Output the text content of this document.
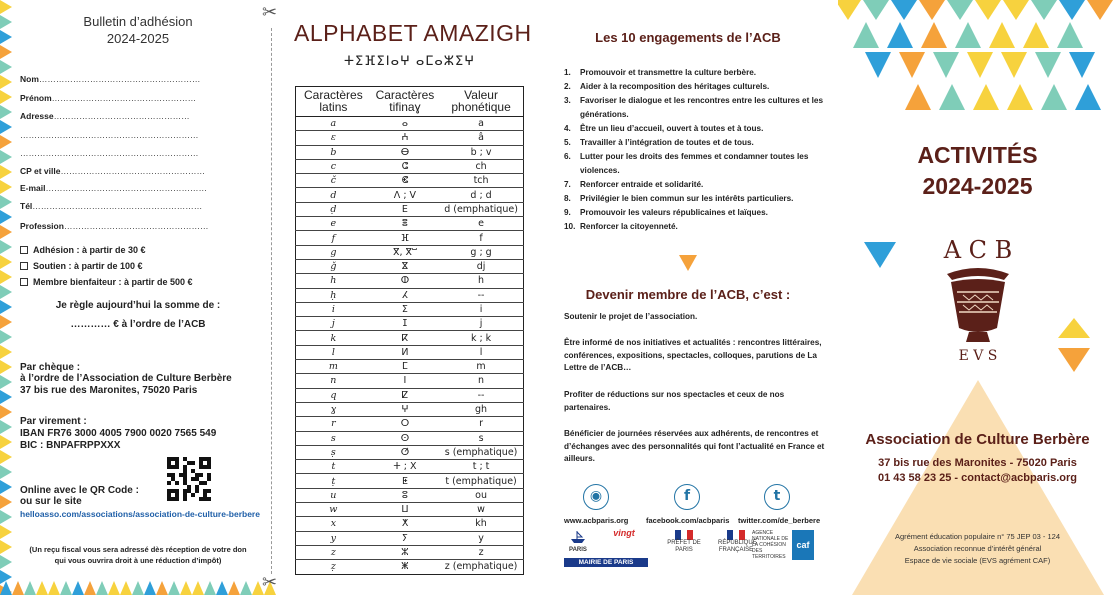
Bulletin d’adhésion
2024-2025
Nom…………………………………………………
Prénom……………………………………………
Adresse…………………………………………
………………………………………………………
………………………………………………………
CP et ville……………………………………………
E-mail…………………………………………………
Tél……………………………………………………
Profession……………………………………………
Adhésion : à partir de 30 €
Soutien : à partir de 100 €
Membre bienfaiteur : à partir de 500 €
Je règle aujourd’hui la somme de :
………… € à l’ordre de l’ACB
Par chèque :
à l’ordre de l’Association de Culture Berbère
37 bis rue des Maronites, 75020 Paris
Par virement :
IBAN FR76 3000 4005 7900 0020 7565 549
BIC : BNPAFRPPXXX
Online avec le QR Code :
ou sur le site
helloasso.com/associations/association-de-culture-berbere
(Un reçu fiscal vous sera adressé dès réception de votre don
qui vous ouvrira droit à une réduction d’impôt)
✂
✂
ALPHABET AMAZIGH
ⵜⵉⴼⵉⵏⴰⵖ ⴰⵎⴰⵣⵉⵖ
Caractères latins	Caractères tifinaɣ	Valeur phonétique
a	ⴰ	a
ɛ	ⵄ	â
b	ⴱ	b ; v
c	ⵛ	ch
č	ⵞ	tch
d	ⴷ ; ⴸ	d ; d
ḍ	ⴹ	d (emphatique)
e	ⴻ	e
f	ⴼ	f
g	ⴳ, ⴳⵯ	g ; g
ǧ	ⴵ	dj
h	ⵀ	h
ḥ	ⵃ	--
i	ⵉ	i
j	ⵊ	j
k	ⴽ	k ; k
l	ⵍ	l
m	ⵎ	m
n	ⵏ	n
q	ⵇ	--
ɣ	ⵖ	gh
r	ⵔ	r
s	ⵙ	s
ṣ	ⵚ	s (emphatique)
t	ⵜ ; ⵝ	t ; t
ṭ	ⵟ	t (emphatique)
u	ⵓ	ou
w	ⵡ	w
x	ⵅ	kh
y	ⵢ	y
z	ⵣ	z
ẓ	ⵥ	z (emphatique)
Les 10 engagements de l’ACB
1.	Promouvoir et transmettre la culture berbère.
2.	Aider à la recomposition des héritages culturels.
3.	Favoriser le dialogue et les rencontres entre les cultures et les générations.
4.	Être un lieu d’accueil, ouvert à toutes et à tous.
5.	Travailler à l’intégration de toutes et de tous.
6.	Lutter pour les droits des femmes et condamner toutes les violences.
7.	Renforcer entraide et solidarité.
8.	Privilégier le bien commun sur les intérêts particuliers.
9.	Promouvoir les valeurs républicaines et laïques.
10. Renforcer la citoyenneté.
Devenir membre de l’ACB, c’est :
Soutenir le projet de l’association.
Être informé de nos initiatives et actualités : rencontres littéraires, conférences, expositions, spectacles, colloques, parutions de La Lettre de l’ACB…
Profiter de réductions sur nos spectacles et ceux de nos partenaires.
Bénéficier de journées réservées aux adhérents, de rencontres et d’échanges avec des personnalités qui font l’actualité en France et ailleurs.
◉	f	t
www.acbparis.org facebook.com/acbparis twitter.com/de_berbere
PARIS
MAIRIE DE PARIS
vingt
PRÉFET DE PARIS
RÉPUBLIQUE FRANÇAISE
AGENCE NATIONALE DE LA COHÉSION DES TERRITOIRES
caf
ACTIVITÉS
2024-2025
A C B
E V S
Association de Culture Berbère
37 bis rue des Maronites - 75020 Paris
01 43 58 23 25 - contact@acbparis.org
Agrément éducation populaire n° 75 JEP 03 - 124
Association reconnue d’intérêt général
Espace de vie sociale (EVS agrément CAF)
